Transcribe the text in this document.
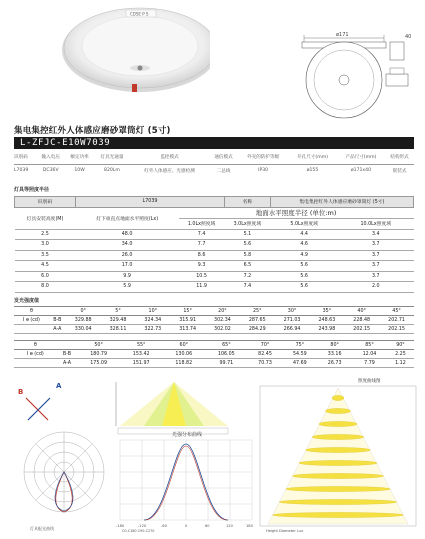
CDSE P S
ø171	40
集电集控红外人体感应磨砂罩筒灯 (5寸)
L-ZFJC-E10W7039
识别码	输入电压	额定功率	灯具光通量	监控模式	通信模式	外壳的防护等级	开孔尺寸(mm)	产品尺寸(mm)	结构形式
L7039	DC36V	10W	820Lm	红外人体感应、光感检测	二总线	IP30	ø155	ø171x40	嵌装式
灯具等照度半径
识别码	L7039		名称	集电集控红外人体感应磨砂罩筒灯 (5寸)	
灯具安装高度(M)	灯下垂直点地面水平照度(Lx)	地面水平照度半径 (单位:m)			
		1.0Lx照度域	3.0Lx照度域	5.0Lx照度域	10.0Lx照度域
2.5	48.0	7.4	5.1	4.4	3.4
3.0	34.0	7.7	5.6	4.6	3.7
3.5	26.0	8.6	5.8	4.9	3.7
4.5	17.0	9.3	6.5	5.6	3.7
6.0	9.9	10.5	7.2	5.6	3.7
8.0	5.9	11.9	7.4	5.6	2.0
发光强度值
θ		0°	5°	10°	15°	20°	25°	30°	35°	40°	45°
I ɵ (cd)	B-B	329.88	329.48	324.34	315.91	302.34	287.65	271.03	248.63	228.48	202.71
	A-A	330.04	328.11	322.73	313.74	302.02	284.29	266.94	243.98	202.15	202.15
θ		50°	55°	60°	65°	70°	75°	80°	85°	90°
I ɵ (cd)	B-B	180.79	153.42	130.06	106.05	82.45	54.59	33.16	12.04	2.25
	A-A	175.09	151.97	118.82	99.71	70.73	47.69	26.73	7.79	1.12
B
A
灯具配光曲线
光强分布曲线
-180	-120	-60	0	60	120	180
C0-C180 C90-C270
照度曲线图
Height Diameter Lux
